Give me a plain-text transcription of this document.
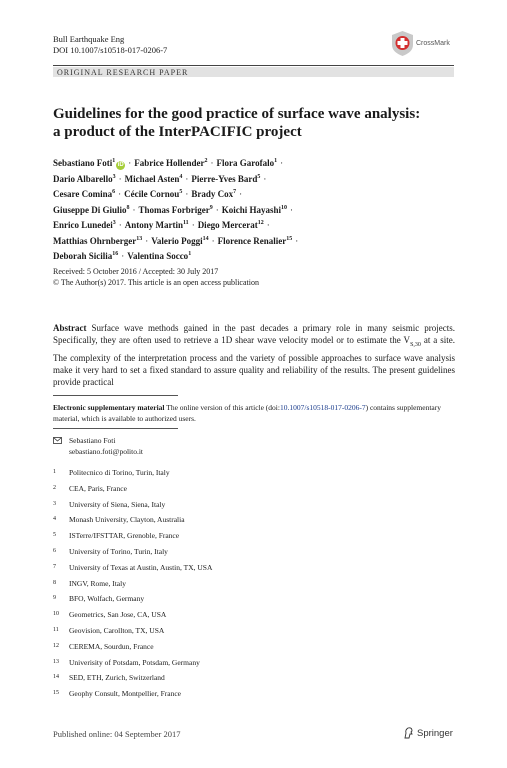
Bull Earthquake Eng
DOI 10.1007/s10518-017-0206-7
CrossMark
ORIGINAL RESEARCH PAPER
Guidelines for the good practice of surface wave analysis:
a product of the InterPACIFIC project
Sebastiano Foti$^1$iD · Fabrice Hollender$^2$ · Flora Garofalo$^1$ ·
Dario Albarello$^3$ · Michael Asten$^4$ · Pierre-Yves Bard$^5$ ·
Cesare Comina$^6$ · Cécile Cornou$^5$ · Brady Cox$^7$ ·
Giuseppe Di Giulio$^8$ · Thomas Forbriger$^9$ · Koichi Hayashi$^{10}$ ·
Enrico Lunedei$^3$ · Antony Martin$^{11}$ · Diego Mercerat$^{12}$ ·
Matthias Ohrnberger$^{13}$ · Valerio Poggi$^{14}$ · Florence Renalier$^{15}$ ·
Deborah Sicilia$^{16}$ · Valentina Socco$^1$
Received: 5 October 2016 / Accepted: 30 July 2017
© The Author(s) 2017. This article is an open access publication
Abstract Surface wave methods gained in the past decades a primary role in many seismic projects. Specifically, they are often used to retrieve a 1D shear wave velocity model or to estimate the $V_{S,30}$ at a site. The complexity of the interpretation process and the variety of possible approaches to surface wave analysis make it very hard to set a fixed standard to assure quality and reliability of the results. The present guidelines provide practical
Electronic supplementary material The online version of this article (doi:10.1007/s10518-017-0206-7) contains supplementary material, which is available to authorized users.
Sebastiano Foti
sebastiano.foti@polito.it
1	Politecnico di Torino, Turin, Italy
2	CEA, Paris, France
3	University of Siena, Siena, Italy
4	Monash University, Clayton, Australia
5	ISTerre/IFSTTAR, Grenoble, France
6	University of Torino, Turin, Italy
7	University of Texas at Austin, Austin, TX, USA
8	INGV, Rome, Italy
9	BFO, Wolfach, Germany
10	Geometrics, San Jose, CA, USA
11	Geovision, Carollton, TX, USA
12	CEREMA, Sourdun, France
13	Univerisity of Potsdam, Potsdam, Germany
14	SED, ETH, Zurich, Switzerland
15	Geophy Consult, Montpellier, France
Published online: 04 September 2017	Springer
